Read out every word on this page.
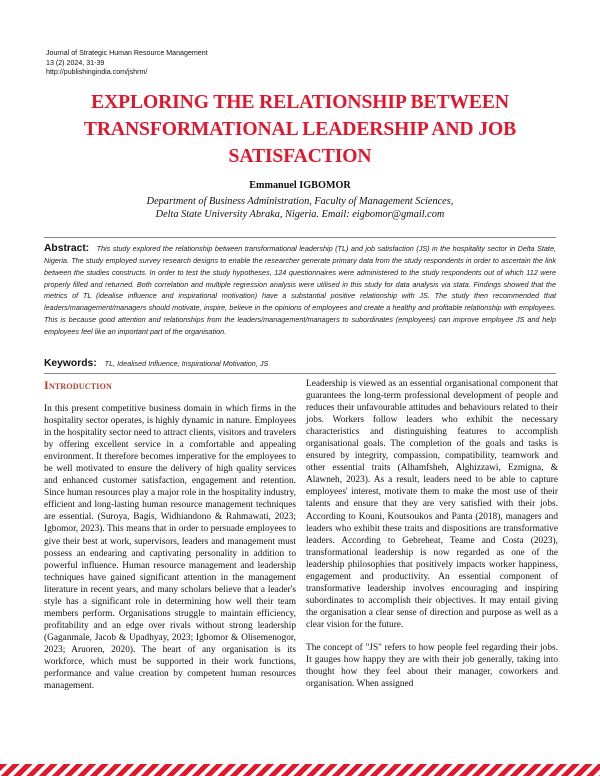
Journal of Strategic Human Resource Management
13 (2) 2024, 31-39
http://publishingindia.com/jshrm/
EXPLORING THE RELATIONSHIP BETWEEN TRANSFORMATIONAL LEADERSHIP AND JOB SATISFACTION
Emmanuel IGBOMOR
Department of Business Administration, Faculty of Management Sciences,
Delta State University Abraka, Nigeria. Email: eigbomor@gmail.com

Abstract: This study explored the relationship between transformational leadership (TL) and job satisfaction (JS) in the hospitality sector in Delta State, Nigeria. The study employed survey research designs to enable the researcher generate primary data from the study respondents in order to ascertain the link between the studies constructs. In order to test the study hypotheses, 124 questionnaires were administered to the study respondents out of which 112 were properly filled and returned. Both correlation and multiple regression analysis were utilised in this study for data analysis via stata. Findings showed that the metrics of TL (idealise influence and inspirational motivation) have a substantial positive relationship with JS. The study then recommended that leaders/management/managers should motivate, inspire, believe in the opinions of employees and create a healthy and profitable relationship with employees. This is because good attention and relationships from the leaders/management/managers to subordinates (employees) can improve employee JS and help employees feel like an important part of the organisation.

Keywords: TL, Idealised Influence, Inspirational Motivation, JS

Introduction

In this present competitive business domain in which firms in the hospitality sector operates, is highly dynamic in nature. Employees in the hospitality sector need to attract clients, visitors and travelers by offering excellent service in a comfortable and appealing environment. It therefore becomes imperative for the employees to be well motivated to ensure the delivery of high quality services and enhanced customer satisfaction, engagement and retention. Since human resources play a major role in the hospitality industry, efficient and long-lasting human resource management techniques are essential. (Suroya, Bagis, Widhiandono & Rahmawati, 2023; Igbomor, 2023). This means that in order to persuade employees to give their best at work, supervisors, leaders and management must possess an endearing and captivating personality in addition to powerful influence. Human resource management and leadership techniques have gained significant attention in the management literature in recent years, and many scholars believe that a leader's style has a significant role in determining how well their team members perform. Organisations struggle to maintain efficiency, profitability and an edge over rivals without strong leadership (Gaganmale, Jacob & Upadhyay, 2023; Igbomor & Olisemenogor, 2023; Aruoren, 2020). The heart of any organisation is its workforce, which must be supported in their work functions, performance and value creation by competent human resources management.

Leadership is viewed as an essential organisational component that guarantees the long-term professional development of people and reduces their unfavourable attitudes and behaviours related to their jobs. Workers follow leaders who exhibit the necessary characteristics and distinguishing features to accomplish organisational goals. The completion of the goals and tasks is ensured by integrity, compassion, compatibility, teamwork and other essential traits (Alhamfsheh, Alghizzawi, Ezmigna, & Alawneh, 2023). As a result, leaders need to be able to capture employees' interest, motivate them to make the most use of their talents and ensure that they are very satisfied with their jobs. According to Kouni, Koutsoukos and Panta (2018), managers and leaders who exhibit these traits and dispositions are transformative leaders. According to Gebreheat, Teame and Costa (2023), transformational leadership is now regarded as one of the leadership philosophies that positively impacts worker happiness, engagement and productivity. An essential component of transformative leadership involves encouraging and inspiring subordinates to accomplish their objectives. It may entail giving the organisation a clear sense of direction and purpose as well as a clear vision for the future.

The concept of "JS" refers to how people feel regarding their jobs. It gauges how happy they are with their job generally, taking into thought how they feel about their manager, coworkers and organisation. When assigned
